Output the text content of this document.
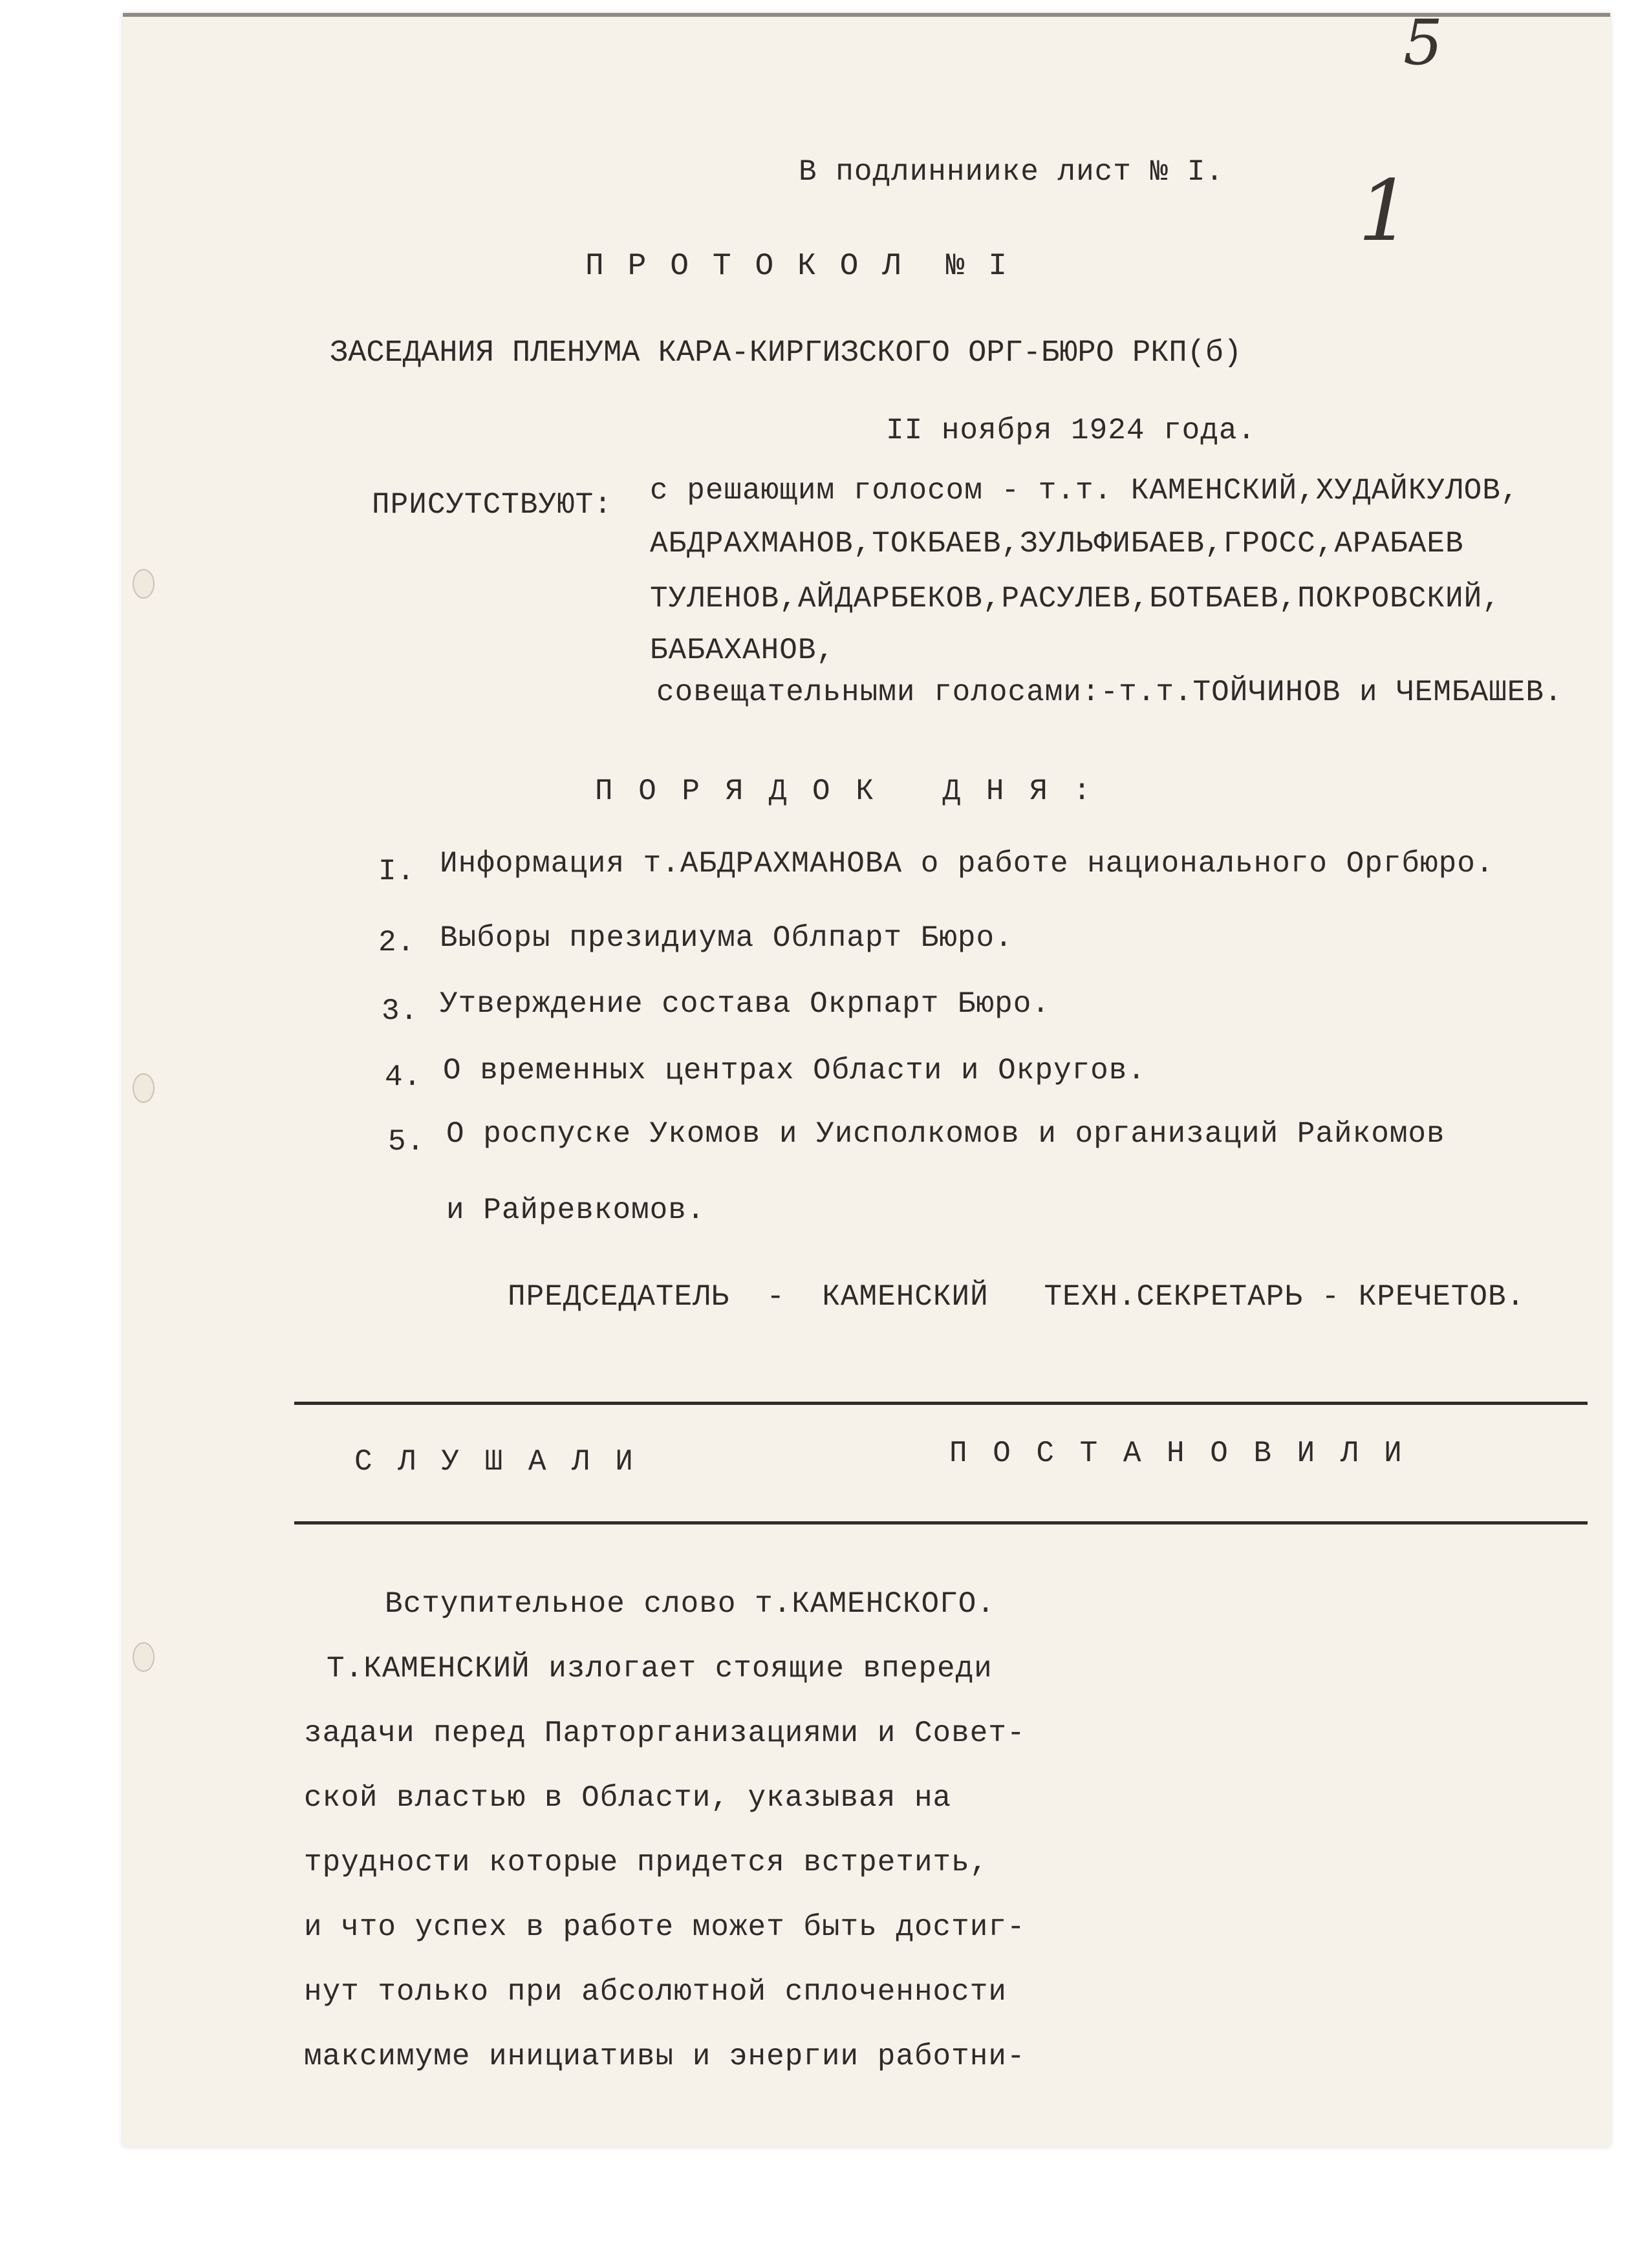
5
1
В подлинниике лист № I.
П Р О Т О К О Л  № I
ЗАСЕДАНИЯ ПЛЕНУМА КАРА-КИРГИЗСКОГО ОРГ-БЮРО РКП(б)
II ноября 1924 года.
ПРИСУТСТВУЮТ: с решающим голосом - т.т. КАМЕНСКИЙ,ХУДАЙКУЛОВ,
АБДРАХМАНОВ,ТОКБАЕВ,ЗУЛЬФИБАЕВ,ГРОСС,АРАБАЕВ
ТУЛЕНОВ,АЙДАРБЕКОВ,РАСУЛЕВ,БОТБАЕВ,ПОКРОВСКИЙ,
БАБАХАНОВ,
совещательными голосами:-т.т.ТОЙЧИНОВ и ЧЕМБАШЕВ.
П О Р Я Д О К   Д Н Я :
I. Информация т.АБДРАХМАНОВА о работе национального Оргбюро.
2. Выборы президиума Облпарт Бюро.
3. Утверждение состава Окрпарт Бюро.
4. О временных центрах Области и Округов.
5. О роспуске Укомов и Уисполкомов и организаций Райкомов
и Райревкомов.
ПРЕДСЕДАТЕЛЬ  -  КАМЕНСКИЙ   ТЕХН.СЕКРЕТАРЬ - КРЕЧЕТОВ.
С Л У Ш А Л И	П О С Т А Н О В И Л И
Вступительное слово т.КАМЕНСКОГО.
Т.КАМЕНСКИЙ излогает стоящие впереди
задачи перед Парторганизациями и Совет-
ской властью в Области, указывая на
трудности которые придется встретить,
и что успех в работе может быть достиг-
нут только при абсолютной сплоченности
максимуме инициативы и энергии работни-
